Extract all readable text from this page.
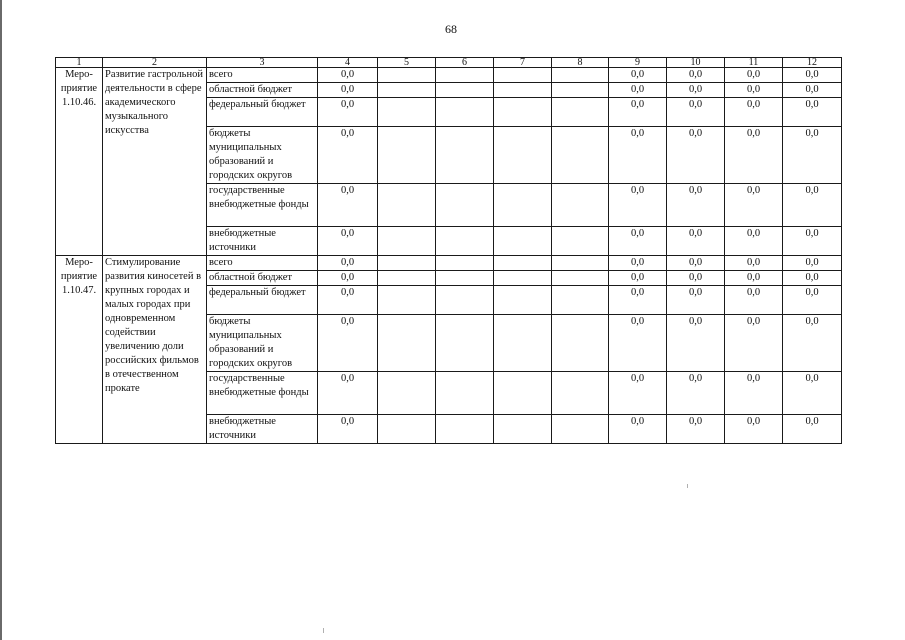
68
1	2	3	4	5	6	7	8	9	10	11	12
Меро-приятие 1.10.46.	Развитие гастрольной деятельности в сфере академического музыкального искусства	всего	0,0					0,0	0,0	0,0	0,0
		областной бюджет	0,0					0,0	0,0	0,0	0,0
		федеральный бюджет	0,0					0,0	0,0	0,0	0,0
		бюджеты муниципальных образований и городских округов	0,0					0,0	0,0	0,0	0,0
		государственные внебюджетные фонды	0,0					0,0	0,0	0,0	0,0
		внебюджетные источники	0,0					0,0	0,0	0,0	0,0
Меро-приятие 1.10.47.	Стимулирование развития киносетей в крупных городах и малых городах при одновременном содействии увеличению доли российских фильмов в отечественном прокате	всего	0,0					0,0	0,0	0,0	0,0
		областной бюджет	0,0					0,0	0,0	0,0	0,0
		федеральный бюджет	0,0					0,0	0,0	0,0	0,0
		бюджеты муниципальных образований и городских округов	0,0					0,0	0,0	0,0	0,0
		государственные внебюджетные фонды	0,0					0,0	0,0	0,0	0,0
		внебюджетные источники	0,0					0,0	0,0	0,0	0,0
